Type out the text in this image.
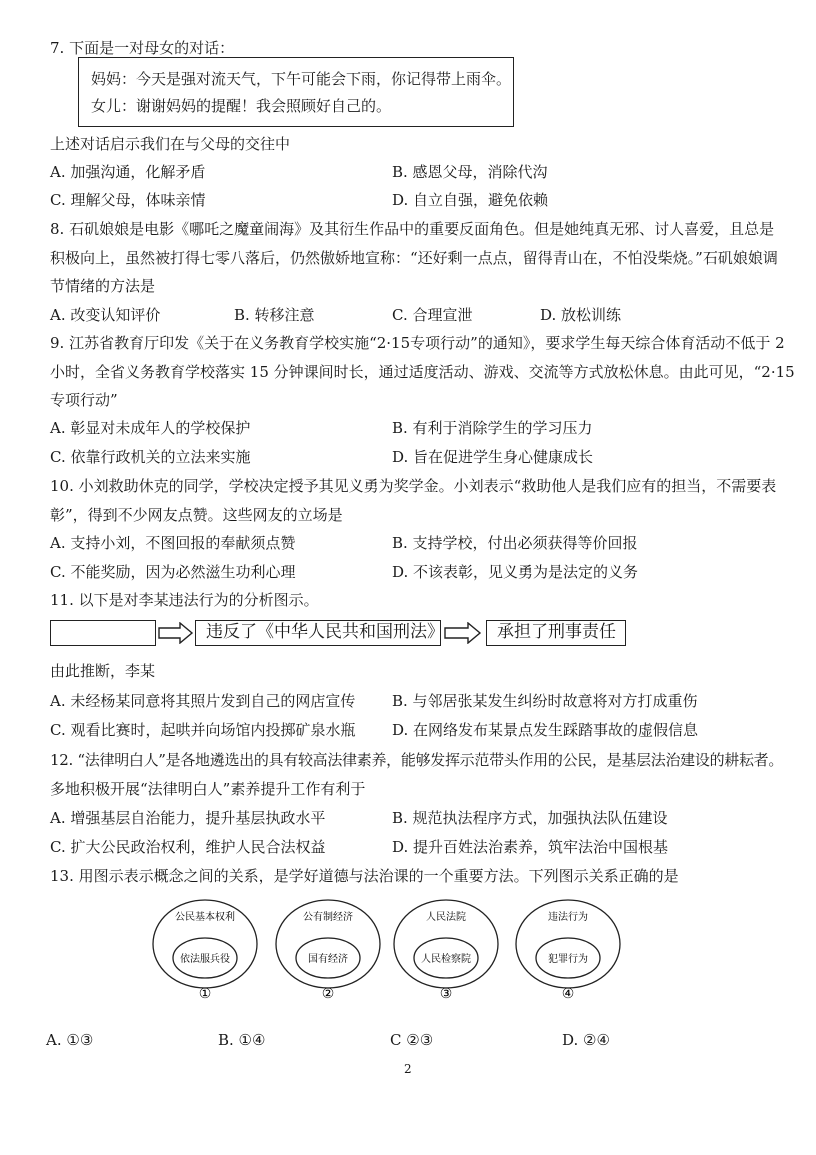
7. 下面是一对母女的对话：
妈妈：今天是强对流天气，下午可能会下雨，你记得带上雨伞。
女儿：谢谢妈妈的提醒！我会照顾好自己的。
上述对话启示我们在与父母的交往中
A. 加强沟通，化解矛盾	B. 感恩父母，消除代沟
C. 理解父母，体味亲情	D. 自立自强，避免依赖
8. 石矶娘娘是电影《哪吒之魔童闹海》及其衍生作品中的重要反面角色。但是她纯真无邪、讨人喜爱，且总是
积极向上，虽然被打得七零八落后，仍然傲娇地宣称：“还好剩一点点，留得青山在，不怕没柴烧。”石矶娘娘调
节情绪的方法是
A. 改变认知评价	B. 转移注意	C. 合理宣泄	D. 放松训练
9. 江苏省教育厅印发《关于在义务教育学校实施“2·15专项行动”的通知》，要求学生每天综合体育活动不低于 2
小时，全省义务教育学校落实 15 分钟课间时长，通过适度活动、游戏、交流等方式放松休息。由此可见，“2·15
专项行动”
A. 彰显对未成年人的学校保护	B. 有利于消除学生的学习压力
C. 依靠行政机关的立法来实施	D. 旨在促进学生身心健康成长
10. 小刘救助休克的同学，学校决定授予其见义勇为奖学金。小刘表示“救助他人是我们应有的担当，不需要表
彰”，得到不少网友点赞。这些网友的立场是
A. 支持小刘，不图回报的奉献须点赞	B. 支持学校，付出必须获得等价回报
C. 不能奖励，因为必然滋生功利心理	D. 不该表彰，见义勇为是法定的义务
11. 以下是对李某违法行为的分析图示。
违反了《中华人民共和国刑法》	承担了刑事责任
由此推断，李某
A. 未经杨某同意将其照片发到自己的网店宣传 B. 与邻居张某发生纠纷时故意将对方打成重伤
C. 观看比赛时，起哄并向场馆内投掷矿泉水瓶 D. 在网络发布某景点发生踩踏事故的虚假信息
12. “法律明白人”是各地遴选出的具有较高法律素养，能够发挥示范带头作用的公民，是基层法治建设的耕耘者。
多地积极开展“法律明白人”素养提升工作有利于
A. 增强基层自治能力，提升基层执政水平	B. 规范执法程序方式，加强执法队伍建设
C. 扩大公民政治权利，维护人民合法权益	D. 提升百姓法治素养，筑牢法治中国根基
13. 用图示表示概念之间的关系，是学好道德与法治课的一个重要方法。下列图示关系正确的是
公民基本权利
依法服兵役
①
公有制经济
国有经济
②
人民法院
人民检察院
③
违法行为
犯罪行为
④
A. ①③	B. ①④	C ②③	D. ②④
2
